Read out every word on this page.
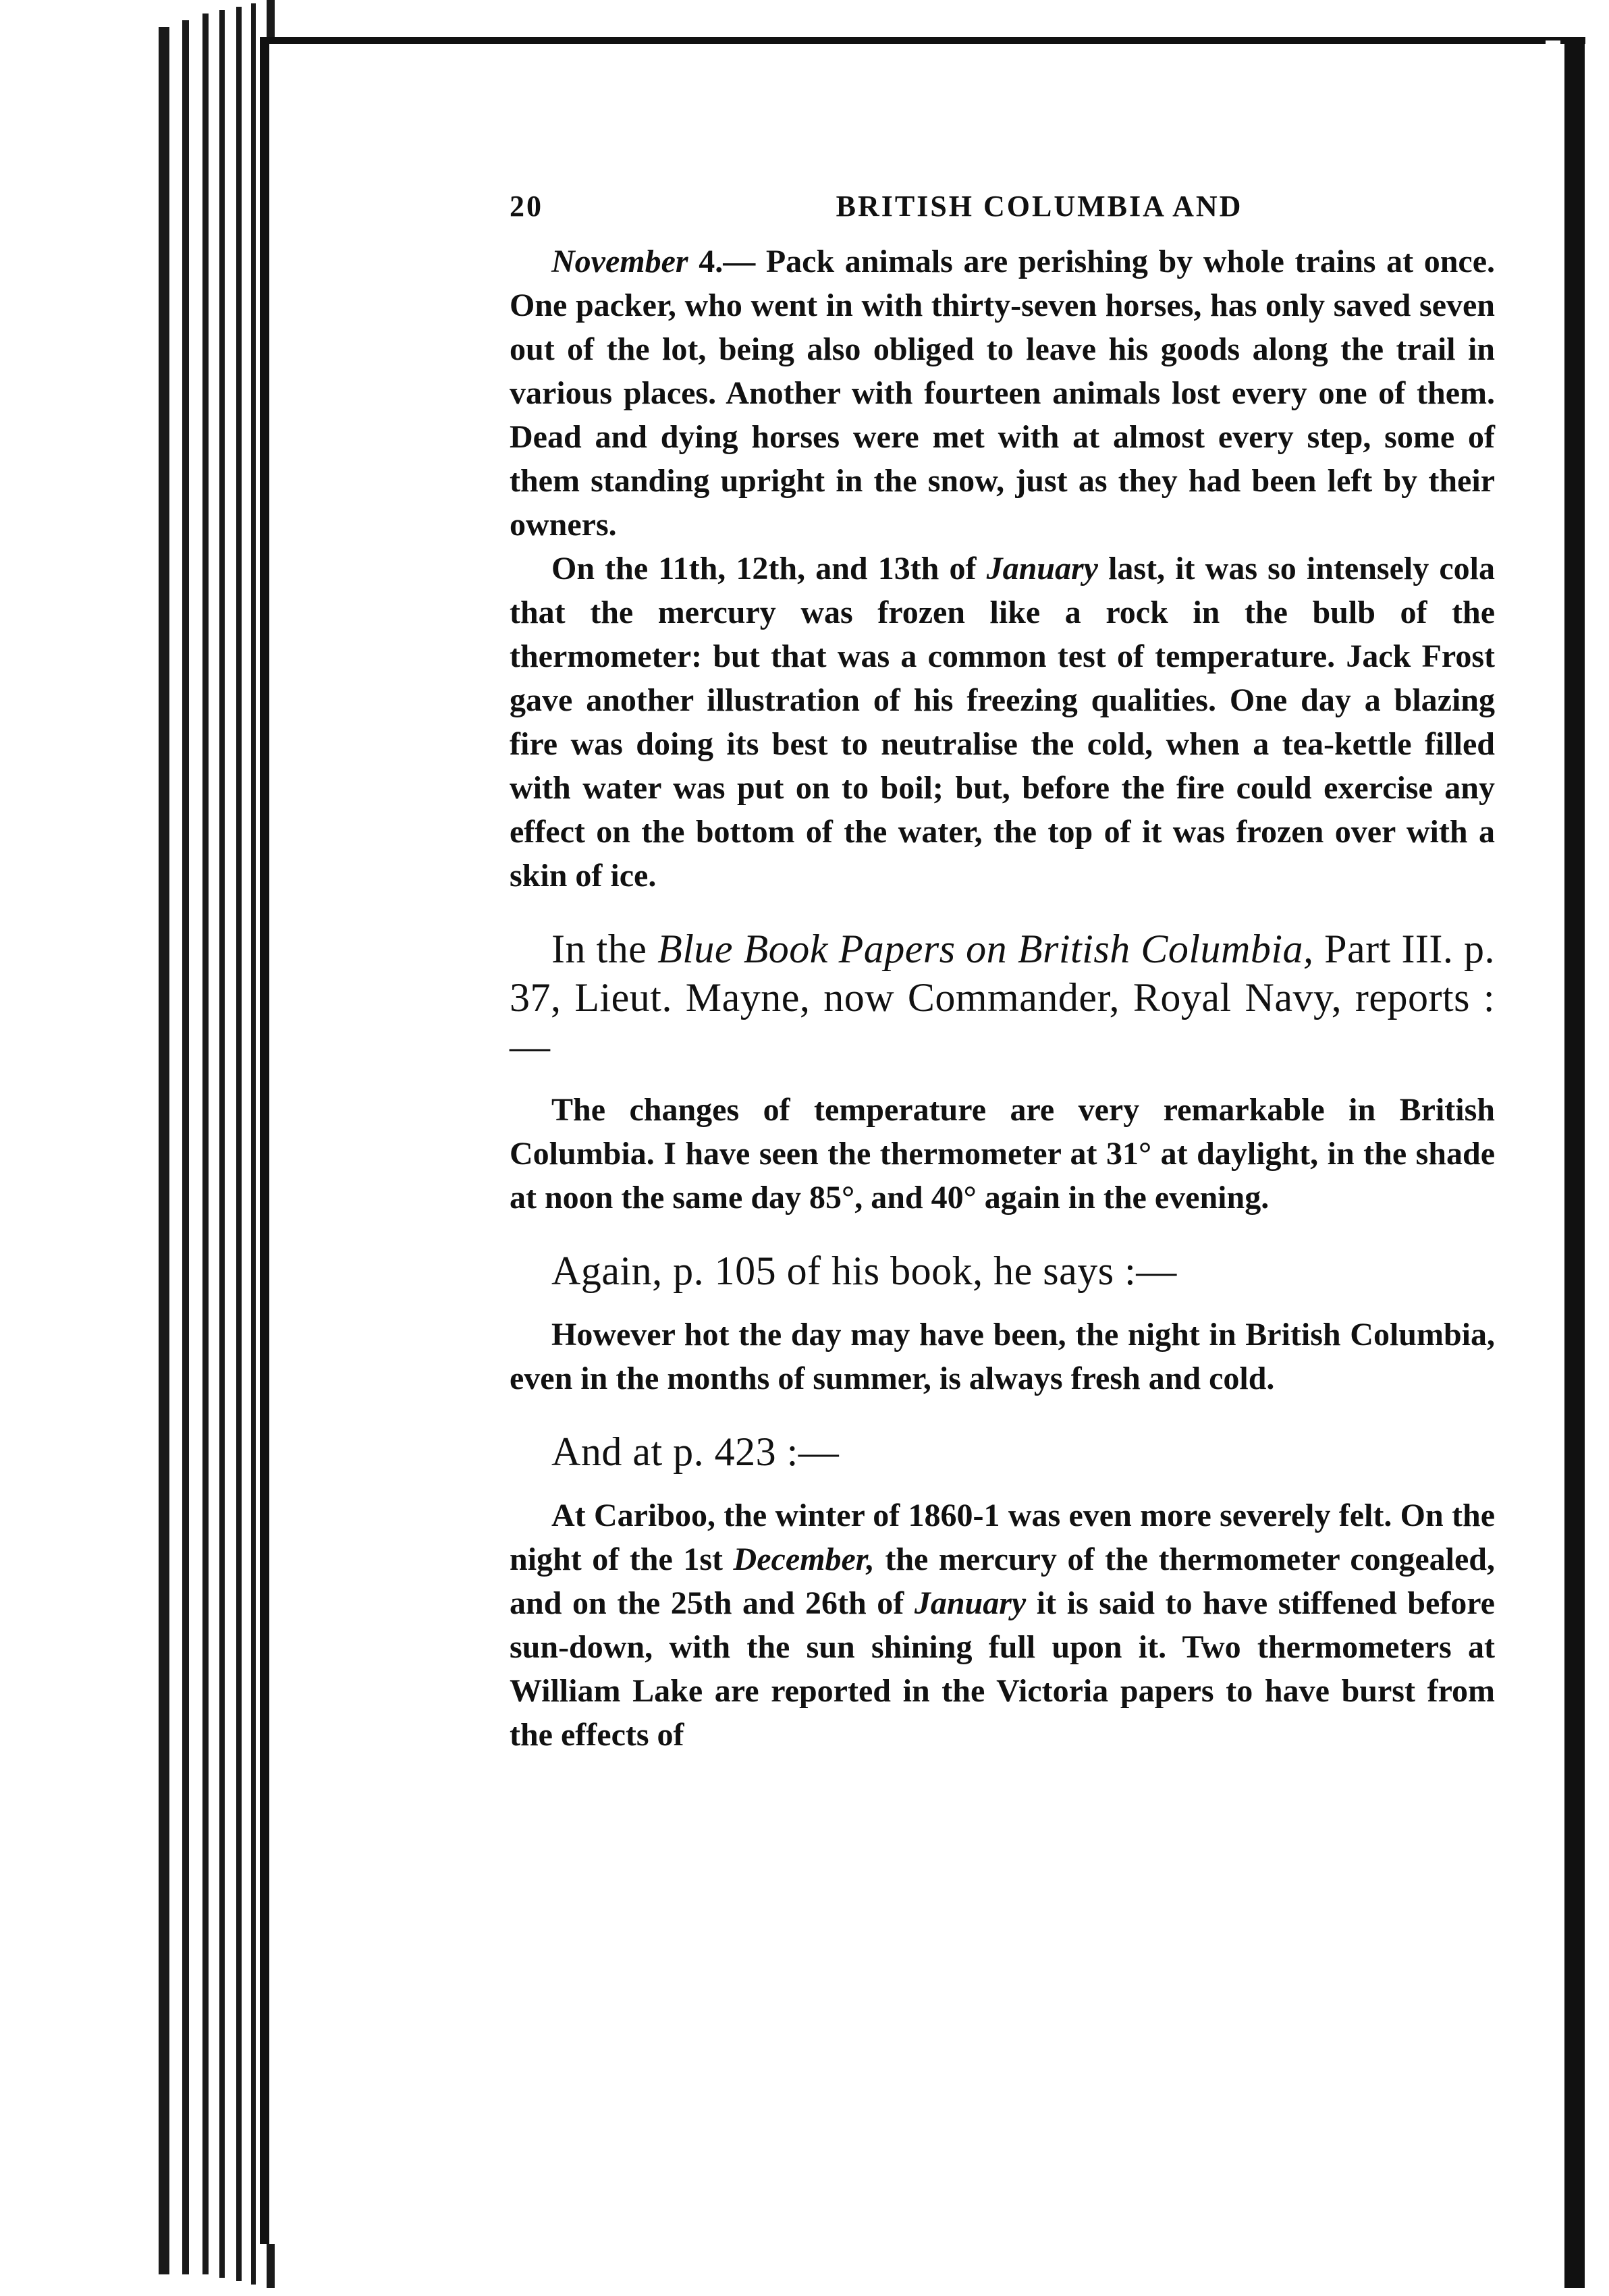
20	BRITISH COLUMBIA AND

November 4.— Pack animals are perishing by whole trains at once. One packer, who went in with thirty-seven horses, has only saved seven out of the lot, being also obliged to leave his goods along the trail in various places. Another with fourteen animals lost every one of them. Dead and dying horses were met with at almost every step, some of them standing upright in the snow, just as they had been left by their owners.

On the 11th, 12th, and 13th of January last, it was so intensely cola that the mercury was frozen like a rock in the bulb of the thermometer: but that was a common test of temperature. Jack Frost gave another illustration of his freezing qualities. One day a blazing fire was doing its best to neutralise the cold, when a tea-kettle filled with water was put on to boil; but, before the fire could exercise any effect on the bottom of the water, the top of it was frozen over with a skin of ice.

In the Blue Book Papers on British Columbia, Part III. p. 37, Lieut. Mayne, now Commander, Royal Navy, reports :—

The changes of temperature are very remarkable in British Columbia. I have seen the thermometer at 31° at daylight, in the shade at noon the same day 85°, and 40° again in the evening.

Again, p. 105 of his book, he says :—

However hot the day may have been, the night in British Columbia, even in the months of summer, is always fresh and cold.

And at p. 423 :—

At Cariboo, the winter of 1860-1 was even more severely felt. On the night of the 1st December, the mercury of the thermometer congealed, and on the 25th and 26th of January it is said to have stiffened before sun-down, with the sun shining full upon it. Two thermometers at William Lake are reported in the Victoria papers to have burst from the effects of
